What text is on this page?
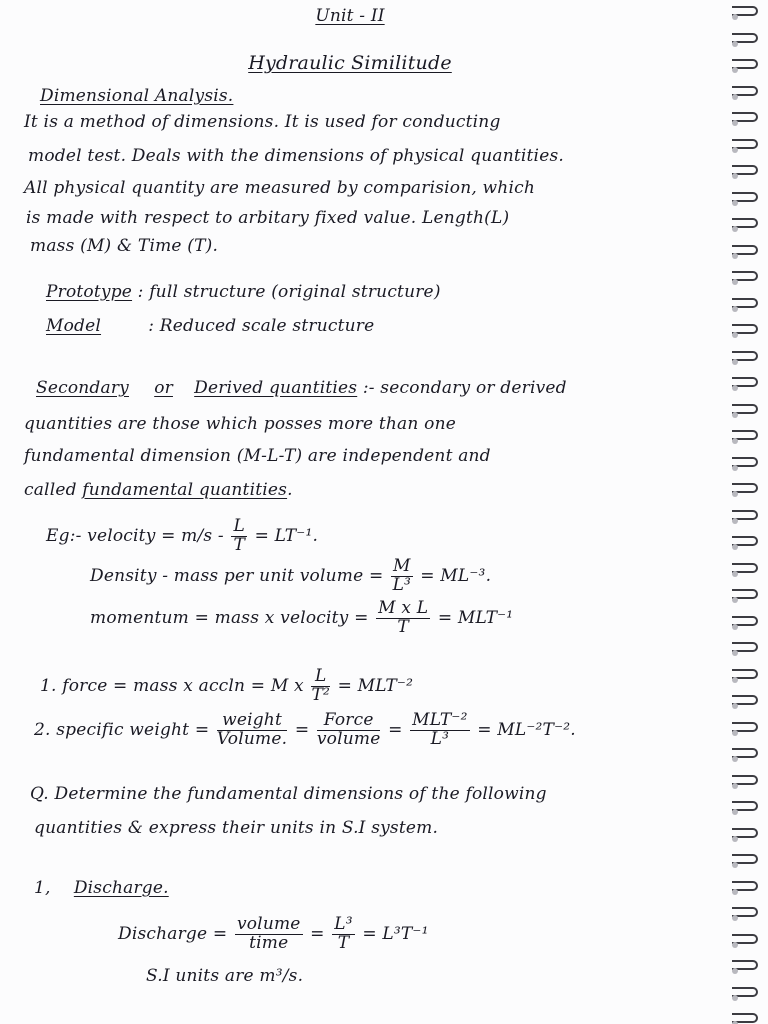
Unit - II
Hydraulic Similitude
Dimensional Analysis.
It is a method of dimensions. It is used for conducting
model test. Deals with the dimensions of physical quantities.
All physical quantity are measured by comparision, which
is made with respect to arbitary fixed value. Length(L)
mass (M) & Time (T).
Prototype : full structure (original structure)
Model	: Reduced scale structure
Secondary or Derived quantities :- secondary or derived
quantities are those which posses more than one
fundamental dimension (M-L-T) are independent and
called fundamental quantities.
Eg:- velocity = $m/s - \frac{L}{T} = LT^{-1}$.
Density - mass per unit volume = $\frac{M}{\text{L³}} = ML^{-3}$.
momentum = mass x velocity = $\frac{\text{M x L}}{T} = MLT^{-1}$
1. force = mass x accln = M x $\frac{L}{\text{T²}} = MLT^{-2}$
2. specific weight = $\frac{\text{weight}}{\text{Volume.}} = \frac{\text{Force}}{\text{volume}} = \frac{\text{MLT⁻²}}{\text{L³}} = ML^{-2}T^{-2}$.
Q. Determine the fundamental dimensions of the following
quantities & express their units in S.I system.
1, Discharge.
Discharge = $\frac{\text{volume}}{\text{time}} = \frac{\text{L³}}{T} = L^3T^{-1}$
S.I units are m³/s.
